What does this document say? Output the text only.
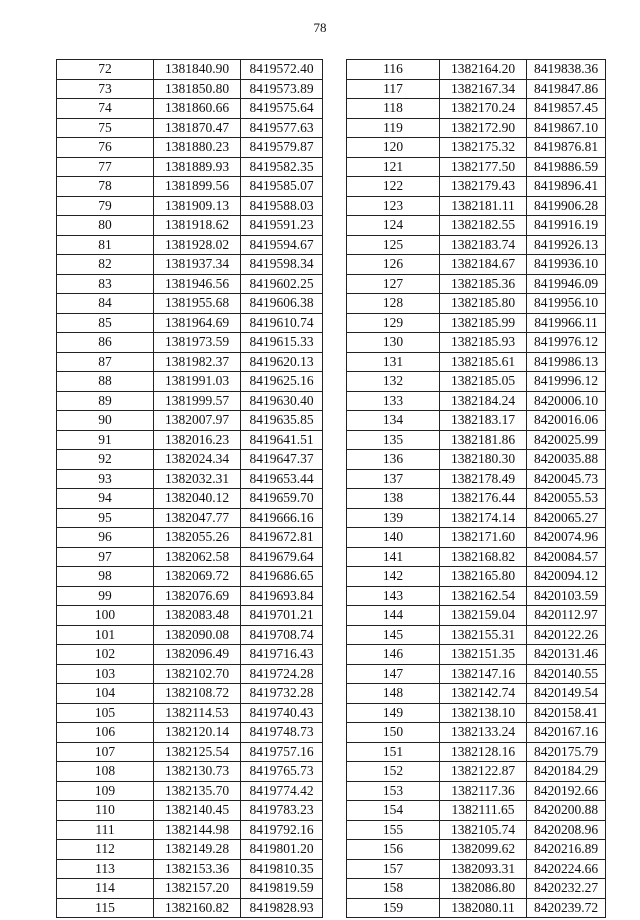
78
72	1381840.90	8419572.40
73	1381850.80	8419573.89
74	1381860.66	8419575.64
75	1381870.47	8419577.63
76	1381880.23	8419579.87
77	1381889.93	8419582.35
78	1381899.56	8419585.07
79	1381909.13	8419588.03
80	1381918.62	8419591.23
81	1381928.02	8419594.67
82	1381937.34	8419598.34
83	1381946.56	8419602.25
84	1381955.68	8419606.38
85	1381964.69	8419610.74
86	1381973.59	8419615.33
87	1381982.37	8419620.13
88	1381991.03	8419625.16
89	1381999.57	8419630.40
90	1382007.97	8419635.85
91	1382016.23	8419641.51
92	1382024.34	8419647.37
93	1382032.31	8419653.44
94	1382040.12	8419659.70
95	1382047.77	8419666.16
96	1382055.26	8419672.81
97	1382062.58	8419679.64
98	1382069.72	8419686.65
99	1382076.69	8419693.84
100	1382083.48	8419701.21
101	1382090.08	8419708.74
102	1382096.49	8419716.43
103	1382102.70	8419724.28
104	1382108.72	8419732.28
105	1382114.53	8419740.43
106	1382120.14	8419748.73
107	1382125.54	8419757.16
108	1382130.73	8419765.73
109	1382135.70	8419774.42
110	1382140.45	8419783.23
111	1382144.98	8419792.16
112	1382149.28	8419801.20
113	1382153.36	8419810.35
114	1382157.20	8419819.59
115	1382160.82	8419828.93
116	1382164.20	8419838.36
117	1382167.34	8419847.86
118	1382170.24	8419857.45
119	1382172.90	8419867.10
120	1382175.32	8419876.81
121	1382177.50	8419886.59
122	1382179.43	8419896.41
123	1382181.11	8419906.28
124	1382182.55	8419916.19
125	1382183.74	8419926.13
126	1382184.67	8419936.10
127	1382185.36	8419946.09
128	1382185.80	8419956.10
129	1382185.99	8419966.11
130	1382185.93	8419976.12
131	1382185.61	8419986.13
132	1382185.05	8419996.12
133	1382184.24	8420006.10
134	1382183.17	8420016.06
135	1382181.86	8420025.99
136	1382180.30	8420035.88
137	1382178.49	8420045.73
138	1382176.44	8420055.53
139	1382174.14	8420065.27
140	1382171.60	8420074.96
141	1382168.82	8420084.57
142	1382165.80	8420094.12
143	1382162.54	8420103.59
144	1382159.04	8420112.97
145	1382155.31	8420122.26
146	1382151.35	8420131.46
147	1382147.16	8420140.55
148	1382142.74	8420149.54
149	1382138.10	8420158.41
150	1382133.24	8420167.16
151	1382128.16	8420175.79
152	1382122.87	8420184.29
153	1382117.36	8420192.66
154	1382111.65	8420200.88
155	1382105.74	8420208.96
156	1382099.62	8420216.89
157	1382093.31	8420224.66
158	1382086.80	8420232.27
159	1382080.11	8420239.72
